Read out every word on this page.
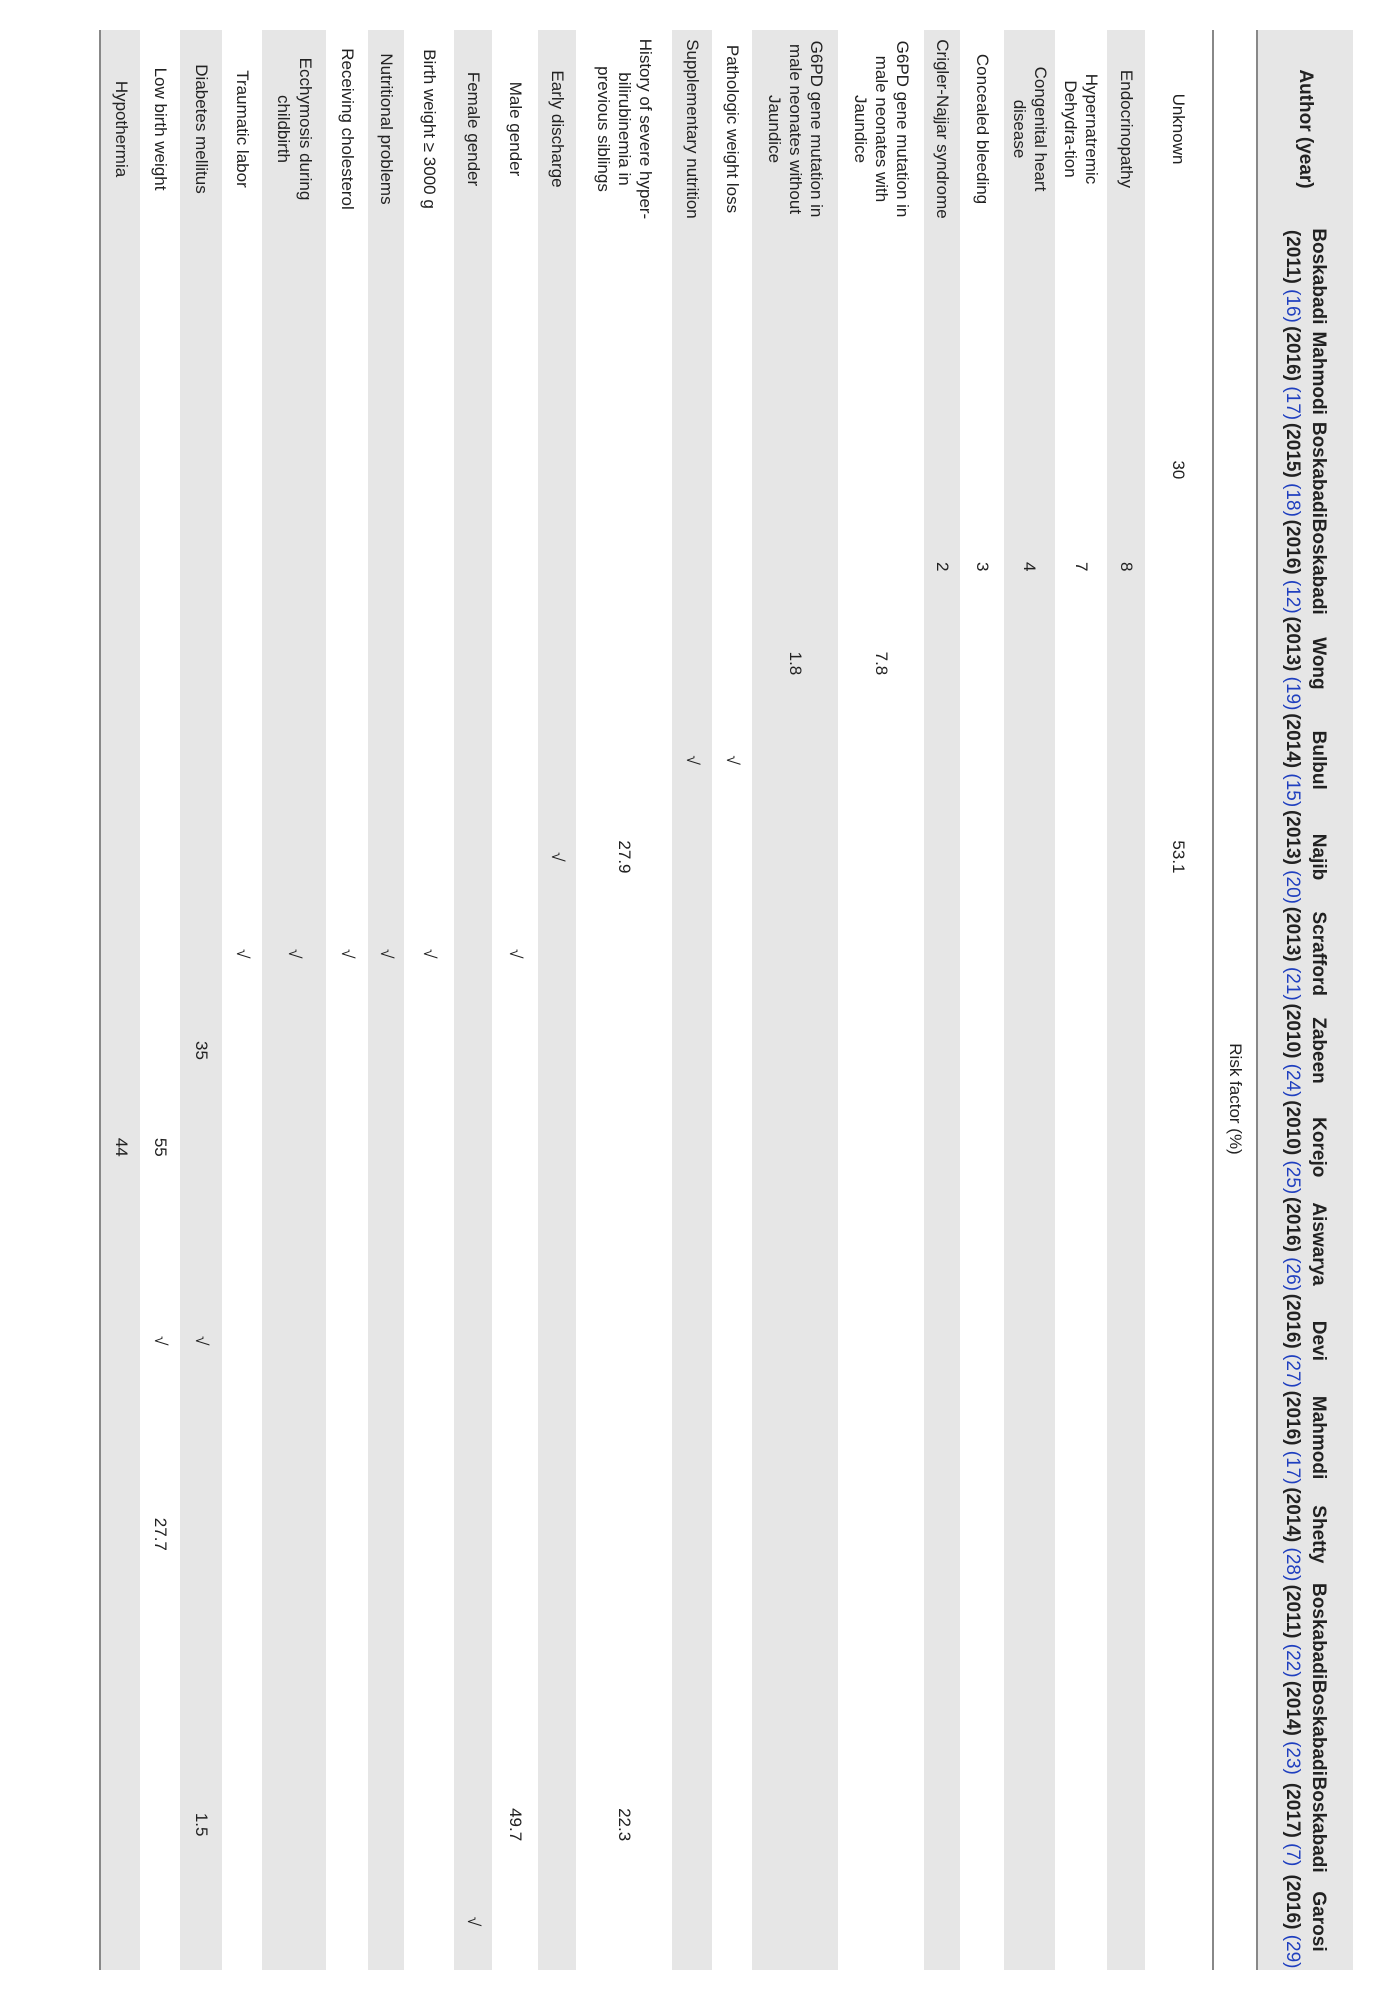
Author (year)	Boskabadi (2011) (16)	Mahmodi (2016) (17)	Boskabadi (2015) (18)	Boskabadi (2016) (12)	Wong (2013) (19)	Bulbul (2014) (15)	Najib (2013) (20)	Scrafford (2013) (21)	Zabeen (2010) (24)	Korejo (2010) (25)	Aiswarya (2016) (26)	Devi (2016) (27)	Mahmodi (2016) (17)	Shetty (2014) (28)	Boskabadi (2011) (22)	Boskabadi (2014) (23)	Boskabadi (2017) (7)	Garosi (2016) (29)
	Risk factor (%)																	
Unknown			30				53.1											
Endocrinopathy				8														
Hypernatremic Dehydra-tion				7														
Congenital heart disease				4														
Concealed bleeding				3														
Crigler-Najjar syndrome				2														
G6PD gene mutation in male neonates with Jaundice					7.8													
G6PD gene mutation in male neonates without Jaundice					1.8													
Pathologic weight loss						√												
Supplementary nutrition						√												
History of severe hyper-bilirubinemia in previous siblings							27.9										22.3	
Early discharge							√											
Male gender								√									49.7	
Female gender																		√
Birth weight ≥ 3000 g								√										
Nutritional problems								√										
Receiving cholesterol								√										
Ecchymosis during childbirth								√										
Traumatic labor								√										
Diabetes mellitus									35			√					1.5	
Low birth weight										55		√		27.7				
Hypothermia										44								
